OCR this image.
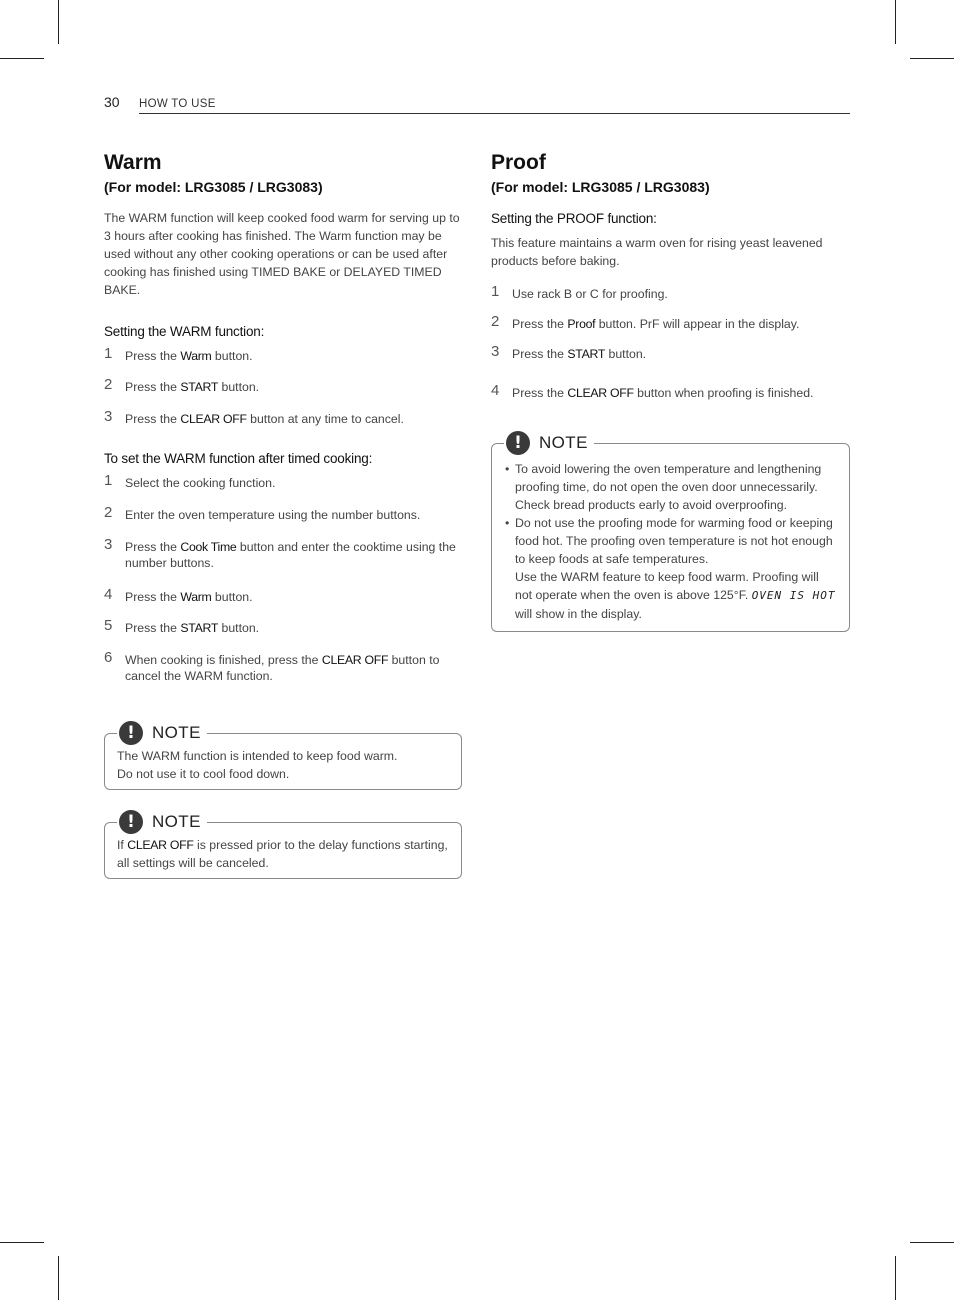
30 HOW TO USE
Warm
(For model: LRG3085 / LRG3083)

The WARM function will keep cooked food warm for serving up to 3 hours after cooking has finished. The Warm function may be used without any other cooking operations or can be used after cooking has finished using TIMED BAKE or DELAYED TIMED BAKE.

Setting the WARM function:
1 Press the Warm button.
2 Press the START button.
3 Press the CLEAR OFF button at any time to cancel.
To set the WARM function after timed cooking:
1 Select the cooking function.
2 Enter the oven temperature using the number buttons.
3 Press the Cook Time button and enter the cooktime using the number buttons.
4 Press the Warm button.
5 Press the START button.
6 When cooking is finished, press the CLEAR OFF button to cancel the WARM function.
!	NOTE
The WARM function is intended to keep food warm.
Do not use it to cool food down.
!	NOTE
If CLEAR OFF is pressed prior to the delay functions starting, all settings will be canceled.
Proof
(For model: LRG3085 / LRG3083)
Setting the PROOF function:

This feature maintains a warm oven for rising yeast leavened products before baking.

1 Use rack B or C for proofing.
2 Press the Proof button. PrF will appear in the display.
3 Press the START button.
4 Press the CLEAR OFF button when proofing is finished.
!	NOTE
• To avoid lowering the oven temperature and lengthening proofing time, do not open the oven door unnecessarily. Check bread products early to avoid overproofing.
• Do not use the proofing mode for warming food or keeping food hot. The proofing oven temperature is not hot enough to keep foods at safe temperatures.
Use the WARM feature to keep food warm. Proofing will not operate when the oven is above 125°F. OVEN IS HOT will show in the display.
